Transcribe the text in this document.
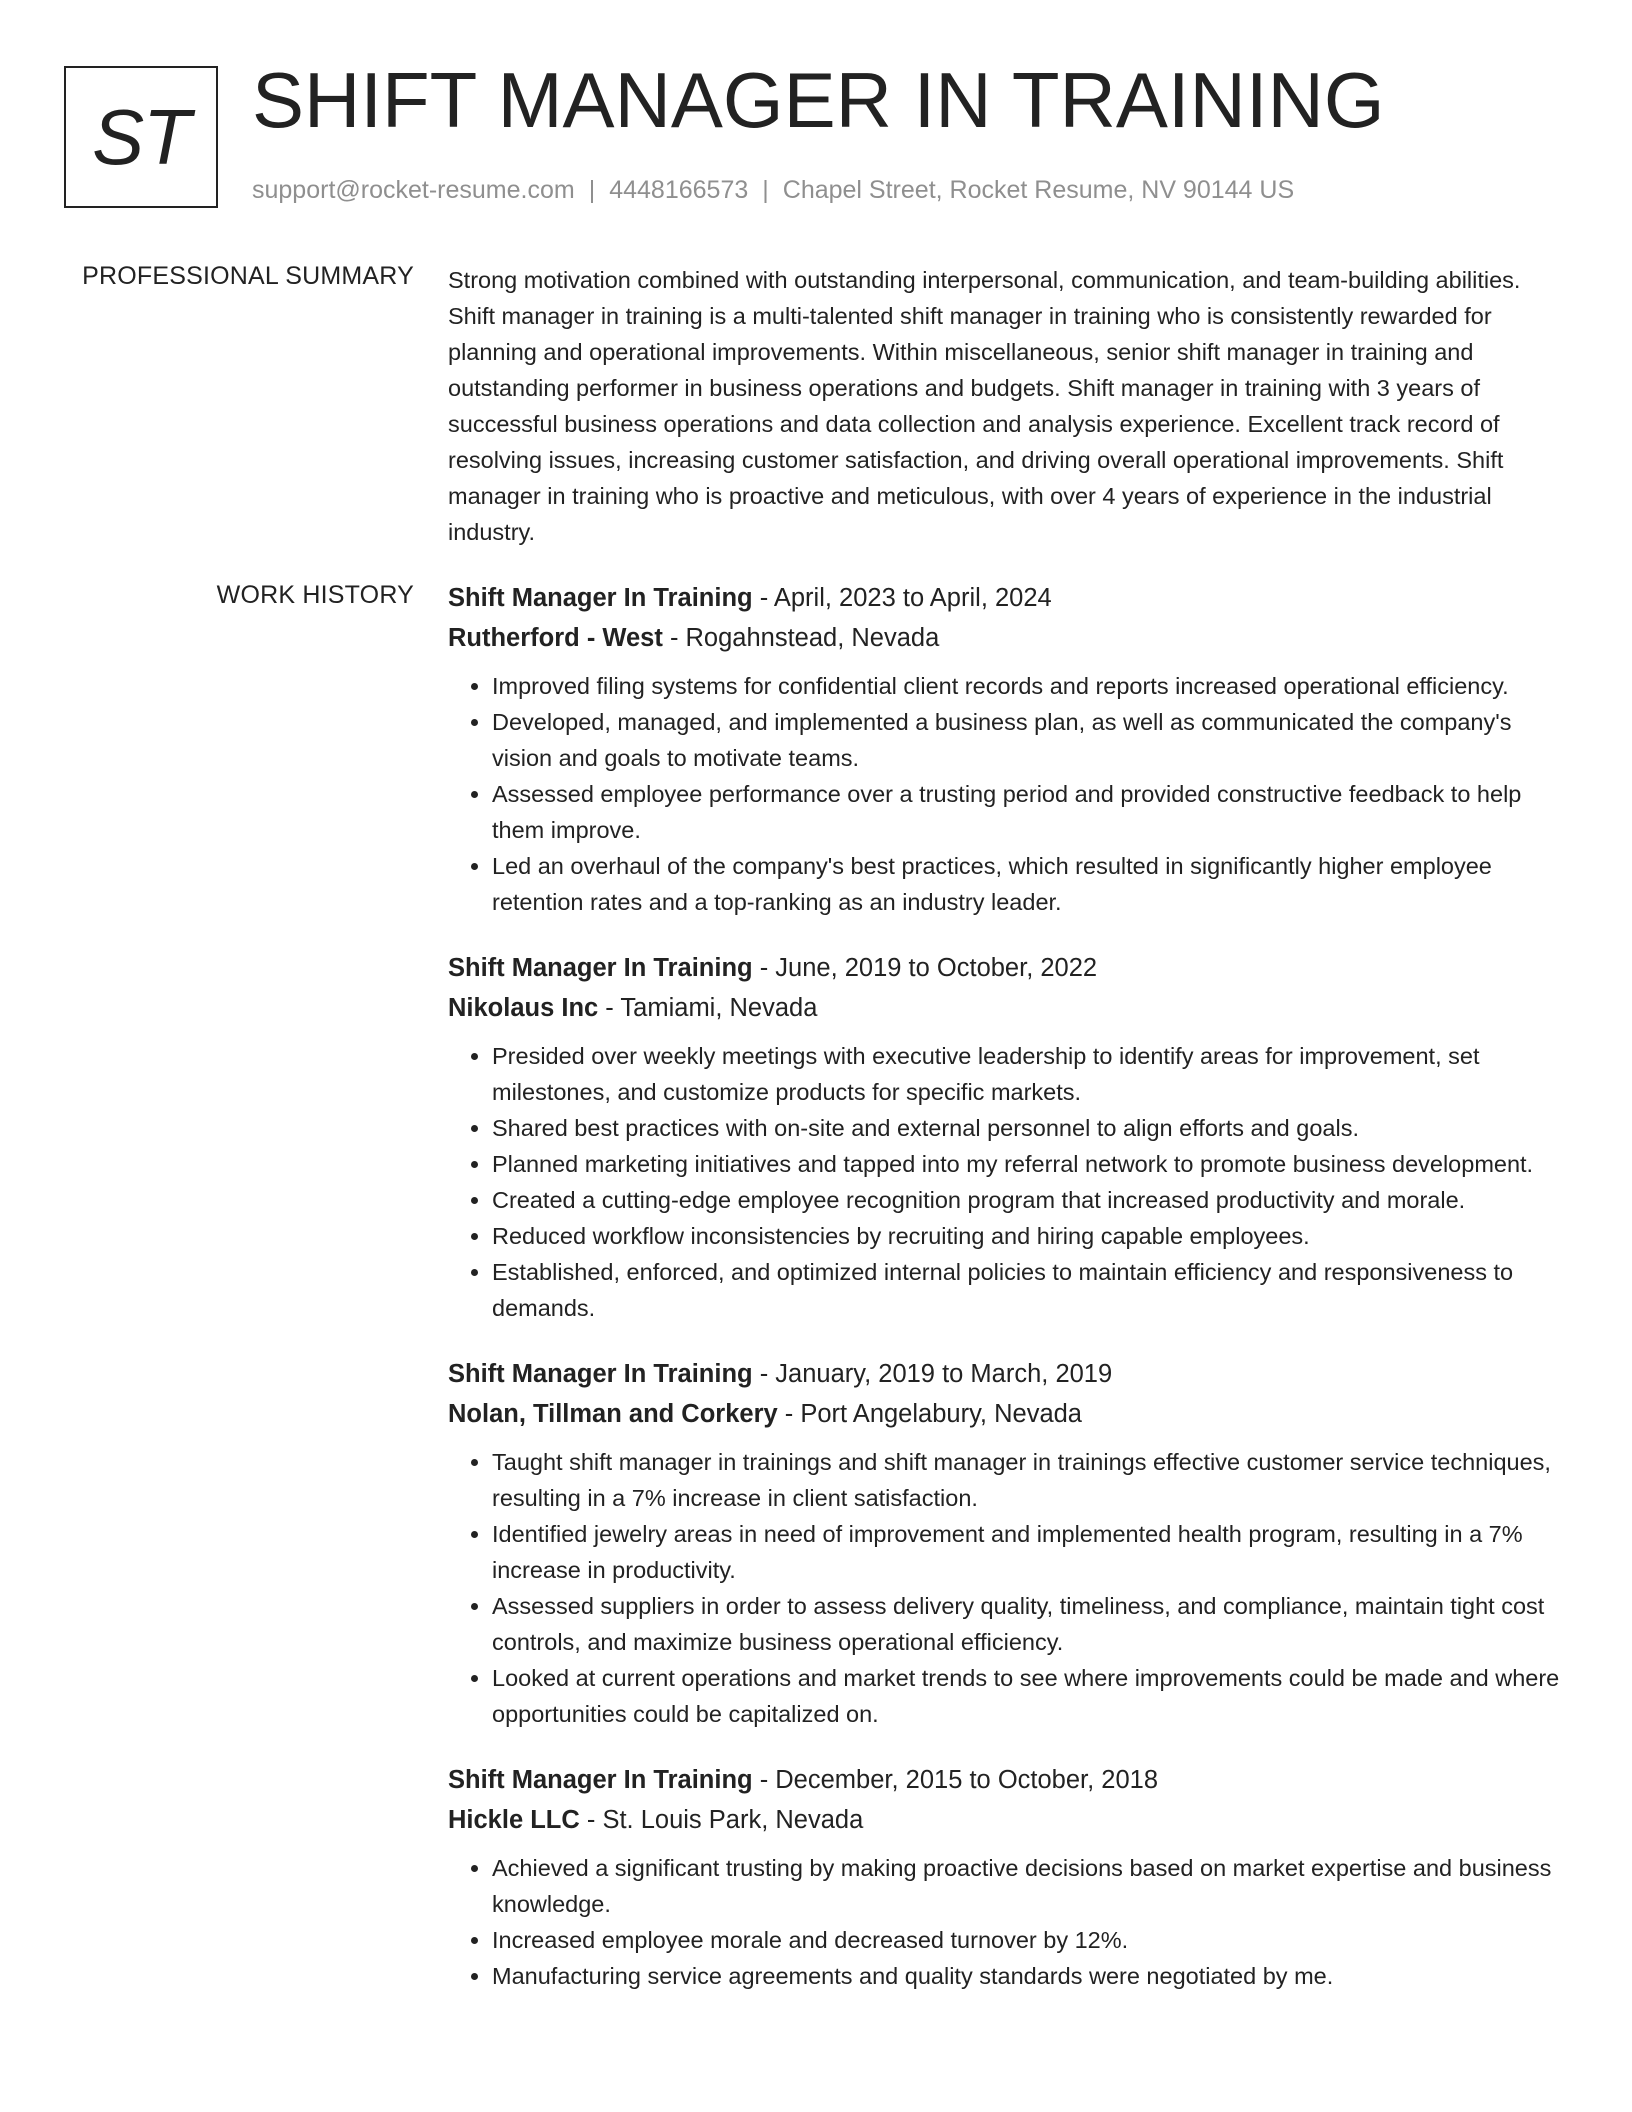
ST SHIFT MANAGER IN TRAINING
support@rocket-resume.com | 4448166573 | Chapel Street, Rocket Resume, NV 90144 US
PROFESSIONAL SUMMARY Strong motivation combined with outstanding interpersonal, communication, and team-building abilities. Shift manager in training is a multi-talented shift manager in training who is consistently rewarded for planning and operational improvements. Within miscellaneous, senior shift manager in training and outstanding performer in business operations and budgets. Shift manager in training with 3 years of successful business operations and data collection and analysis experience. Excellent track record of resolving issues, increasing customer satisfaction, and driving overall operational improvements. Shift manager in training who is proactive and meticulous, with over 4 years of experience in the industrial industry.

WORK HISTORY Shift Manager In Training - April, 2023 to April, 2024
Rutherford - West - Rogahnstead, Nevada
• Improved filing systems for confidential client records and reports increased operational efficiency.
• Developed, managed, and implemented a business plan, as well as communicated the company's vision and goals to motivate teams.
• Assessed employee performance over a trusting period and provided constructive feedback to help them improve.
• Led an overhaul of the company's best practices, which resulted in significantly higher employee retention rates and a top-ranking as an industry leader.
Shift Manager In Training - June, 2019 to October, 2022
Nikolaus Inc - Tamiami, Nevada
• Presided over weekly meetings with executive leadership to identify areas for improvement, set milestones, and customize products for specific markets.
• Shared best practices with on-site and external personnel to align efforts and goals.
• Planned marketing initiatives and tapped into my referral network to promote business development.
• Created a cutting-edge employee recognition program that increased productivity and morale.
• Reduced workflow inconsistencies by recruiting and hiring capable employees.
• Established, enforced, and optimized internal policies to maintain efficiency and responsiveness to demands.
Shift Manager In Training - January, 2019 to March, 2019
Nolan, Tillman and Corkery - Port Angelabury, Nevada
• Taught shift manager in trainings and shift manager in trainings effective customer service techniques, resulting in a 7% increase in client satisfaction.
• Identified jewelry areas in need of improvement and implemented health program, resulting in a 7% increase in productivity.
• Assessed suppliers in order to assess delivery quality, timeliness, and compliance, maintain tight cost controls, and maximize business operational efficiency.
• Looked at current operations and market trends to see where improvements could be made and where opportunities could be capitalized on.
Shift Manager In Training - December, 2015 to October, 2018
Hickle LLC - St. Louis Park, Nevada
• Achieved a significant trusting by making proactive decisions based on market expertise and business knowledge.
• Increased employee morale and decreased turnover by 12%.
• Manufacturing service agreements and quality standards were negotiated by me.
